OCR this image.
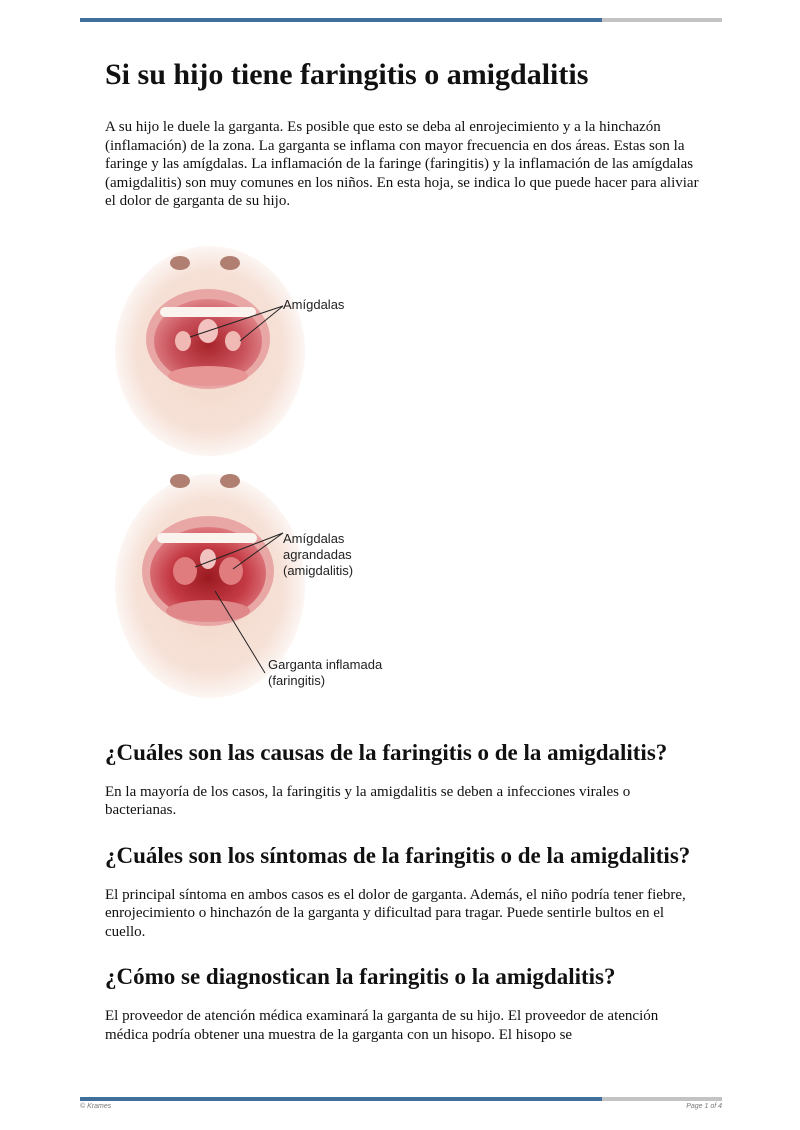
Si su hijo tiene faringitis o amigdalitis

A su hijo le duele la garganta. Es posible que esto se deba al enrojecimiento y a la hinchazón (inflamación) de la zona. La garganta se inflama con mayor frecuencia en dos áreas. Estas son la faringe y las amígdalas. La inflamación de la faringe (faringitis) y la inflamación de las amígdalas (amigdalitis) son muy comunes en los niños. En esta hoja, se indica lo que puede hacer para aliviar el dolor de garganta de su hijo.

Amígdalas
Amígdalas
agrandadas
(amigdalitis)
Garganta inflamada
(faringitis)
¿Cuáles son las causas de la faringitis o de la amigdalitis?

En la mayoría de los casos, la faringitis y la amigdalitis se deben a infecciones virales o bacterianas.

¿Cuáles son los síntomas de la faringitis o de la amigdalitis?

El principal síntoma en ambos casos es el dolor de garganta. Además, el niño podría tener fiebre, enrojecimiento o hinchazón de la garganta y dificultad para tragar. Puede sentirle bultos en el cuello.

¿Cómo se diagnostican la faringitis o la amigdalitis?

El proveedor de atención médica examinará la garganta de su hijo. El proveedor de atención médica podría obtener una muestra de la garganta con un hisopo. El hisopo se

© Krames	Page 1 of 4
